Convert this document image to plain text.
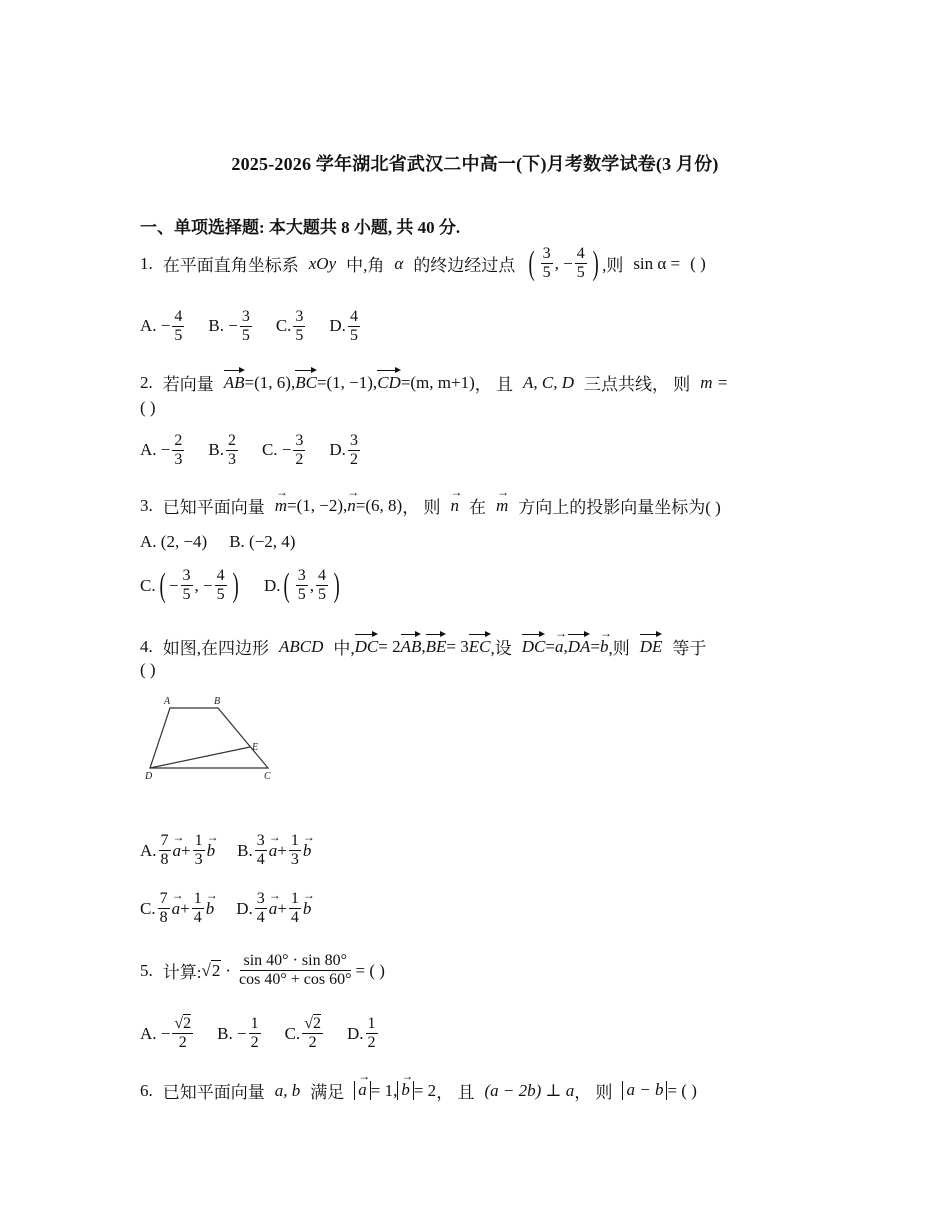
2025-2026 学年湖北省武汉二中高一(下)月考数学试卷(3 月份)
一、单项选择题: 本大题共 8 小题, 共 40 分.
1. 在平面直角坐标系 xOy 中,角 α 的终边经过点 ( $\frac{3}{5}$ , − $\frac{4}{5}$ ) ,则 sin α = ( )
A. − $\frac{4}{5} B$. − $\frac{3}{5} C$. $\frac{3}{5} D$. $\frac{4}{5}$
2. 若向量 AB =(1, 6), BC =(1, −1), CD =(m, m+1) ， 且 A, C, D 三点共线， 则 m =
( )
A. − $\frac{2}{3} B$. $\frac{2}{3} C$. − $\frac{3}{2} D$. $\frac{3}{2}$
3. 已知平面向量
→ m =(1, −2),
→ n =(6, 8) ， 则
→ n 在
→ m 方向上的投影向量坐标为( )
A. (2, −4) B. (−2, 4)
C. ( − $\frac{3}{5}$ , − $\frac{4}{5}$ ) D. ( $\frac{3}{5}$ , $\frac{4}{5}$ )
4. 如图,在四边形 ABCD 中, DC = 2 AB , BE = 3 EC ,设 DC =
→ a , DA =
→ b ,则 DE 等于
( )
A	B
C
D
E
A. $\frac{7}{8}$
→ $a + \frac{1}{3}$
→ b B. $\frac{3}{4}$
→ $a + \frac{1}{3}$
→ b
C. $\frac{7}{8}$
→ $a + \frac{1}{4}$
→ b D. $\frac{3}{4}$
→ $a + \frac{1}{4}$
→ b
5. 计算: $√2 \cdot \frac{\sin 40^\circ \cdot \sin 80^\circ}{\cos 40^\circ + \cos 60^\circ}$ = ( )
A. − $\frac{√2}{2} B$. − $\frac{1}{2} C$. $\frac{√2}{2} D$. $\frac{1}{2}$
6. 已知平面向量 a, b 满足
→ a = 1,
→ b = 2 ， 且 (a − 2b) ⊥ a ， 则 a − b = ( )
